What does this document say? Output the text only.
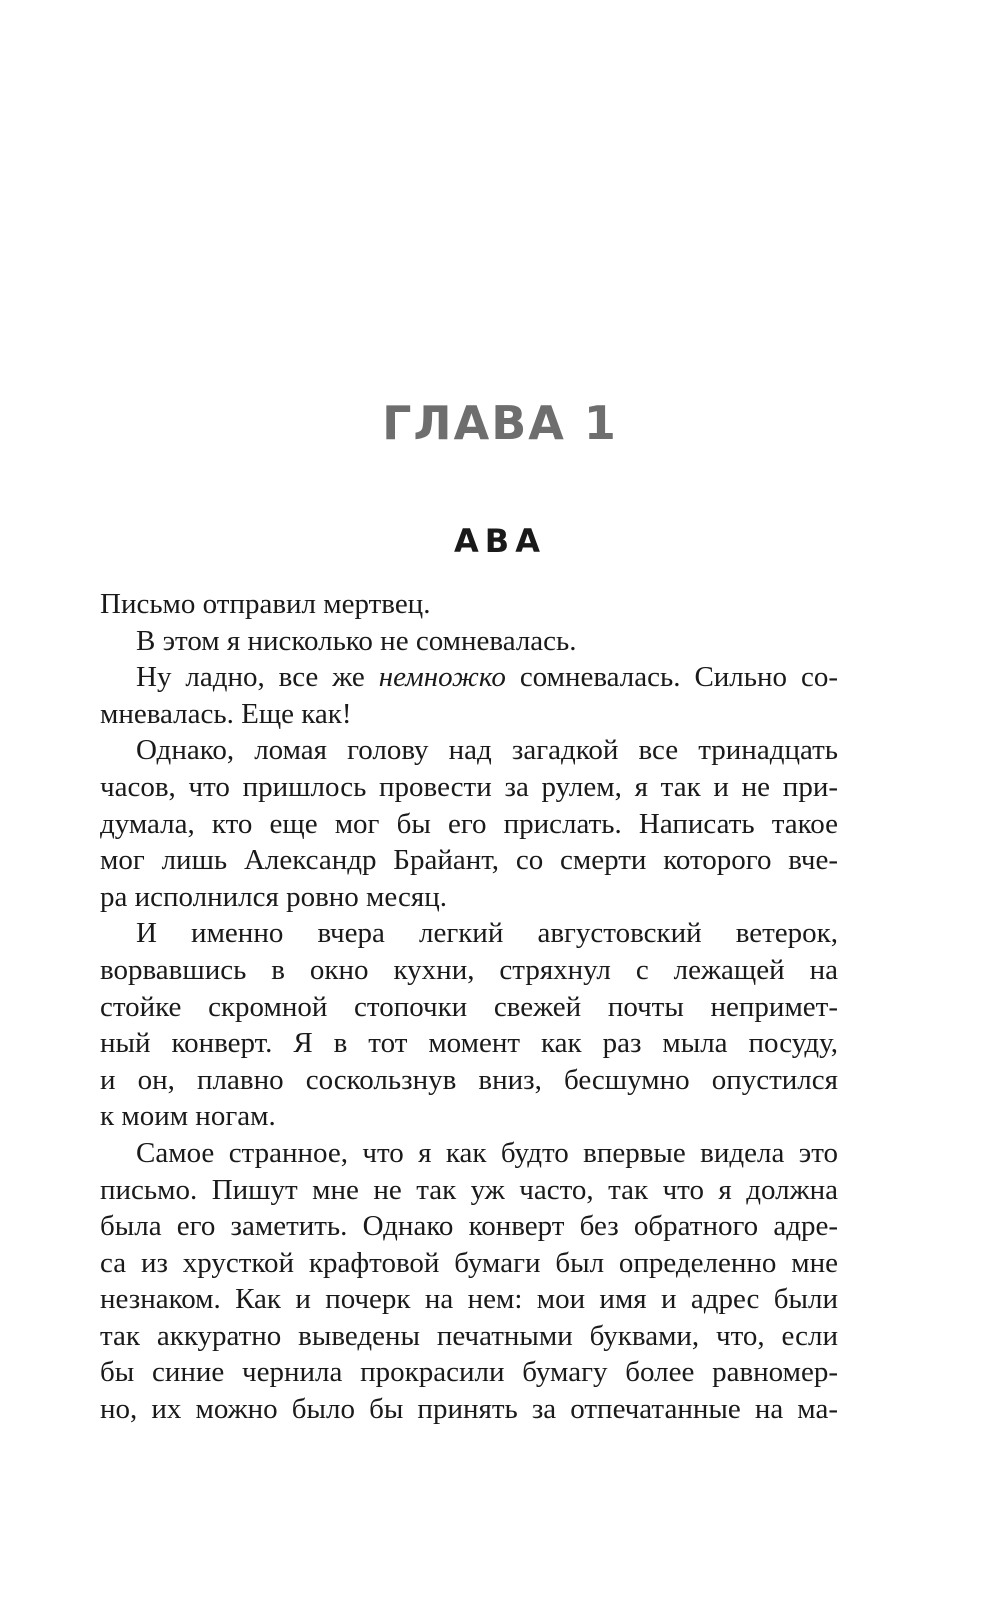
ГЛАВА 1
АВА
Письмо отправил мертвец.
В этом я нисколько не сомневалась.
Ну ладно, все же немножко сомневалась. Сильно со-
мневалась. Еще как!
Однако, ломая голову над загадкой все тринадцать
часов, что пришлось провести за рулем, я так и не при-
думала, кто еще мог бы его прислать. Написать такое
мог лишь Александр Брайант, со смерти которого вче-
ра исполнился ровно месяц.
И именно вчера легкий августовский ветерок,
ворвавшись в окно кухни, стряхнул с лежащей на
стойке скромной стопочки свежей почты непримет-
ный конверт. Я в тот момент как раз мыла посуду,
и он, плавно соскользнув вниз, бесшумно опустился
к моим ногам.
Самое странное, что я как будто впервые видела это
письмо. Пишут мне не так уж часто, так что я должна
была его заметить. Однако конверт без обратного адре-
са из хрусткой крафтовой бумаги был определенно мне
незнаком. Как и почерк на нем: мои имя и адрес были
так аккуратно выведены печатными буквами, что, если
бы синие чернила прокрасили бумагу более равномер-
но, их можно было бы принять за отпечатанные на ма-
